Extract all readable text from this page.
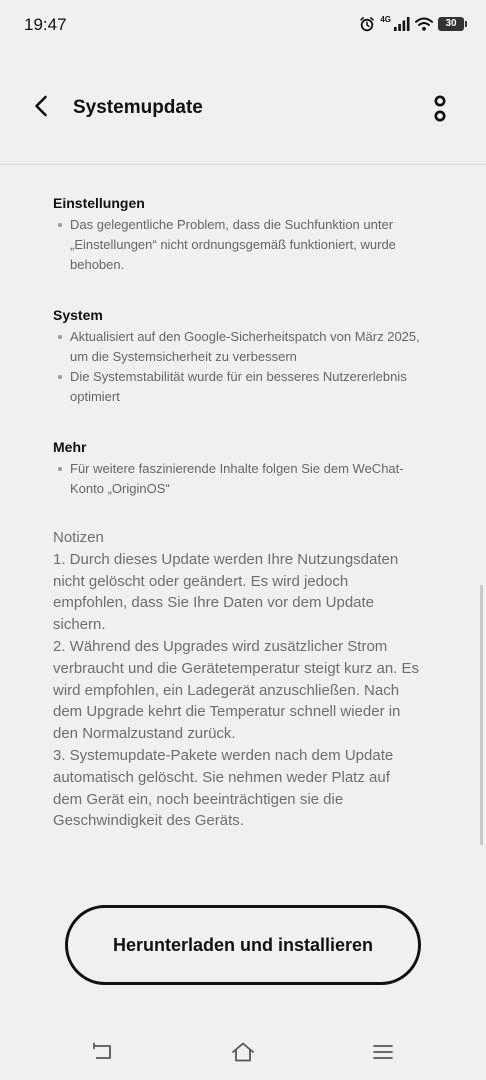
19:47	4G	30
Systemupdate
Einstellungen
Das gelegentliche Problem, dass die Suchfunktion unter „Einstellungen“ nicht ordnungsgemäß funktioniert, wurde behoben.
System
Aktualisiert auf den Google-Sicherheitspatch von März 2025, um die Systemsicherheit zu verbessern
Die Systemstabilität wurde für ein besseres Nutzererlebnis optimiert
Mehr
Für weitere faszinierende Inhalte folgen Sie dem WeChat-Konto „OriginOS“

Notizen

1. Durch dieses Update werden Ihre Nutzungsdaten nicht gelöscht oder geändert. Es wird jedoch empfohlen, dass Sie Ihre Daten vor dem Update sichern.

2. Während des Upgrades wird zusätzlicher Strom verbraucht und die Gerätetemperatur steigt kurz an. Es wird empfohlen, ein Ladegerät anzuschließen. Nach dem Upgrade kehrt die Temperatur schnell wieder in den Normalzustand zurück.

3. Systemupdate-Pakete werden nach dem Update automatisch gelöscht. Sie nehmen weder Platz auf dem Gerät ein, noch beeinträchtigen sie die Geschwindigkeit des Geräts.

Herunterladen und installieren
